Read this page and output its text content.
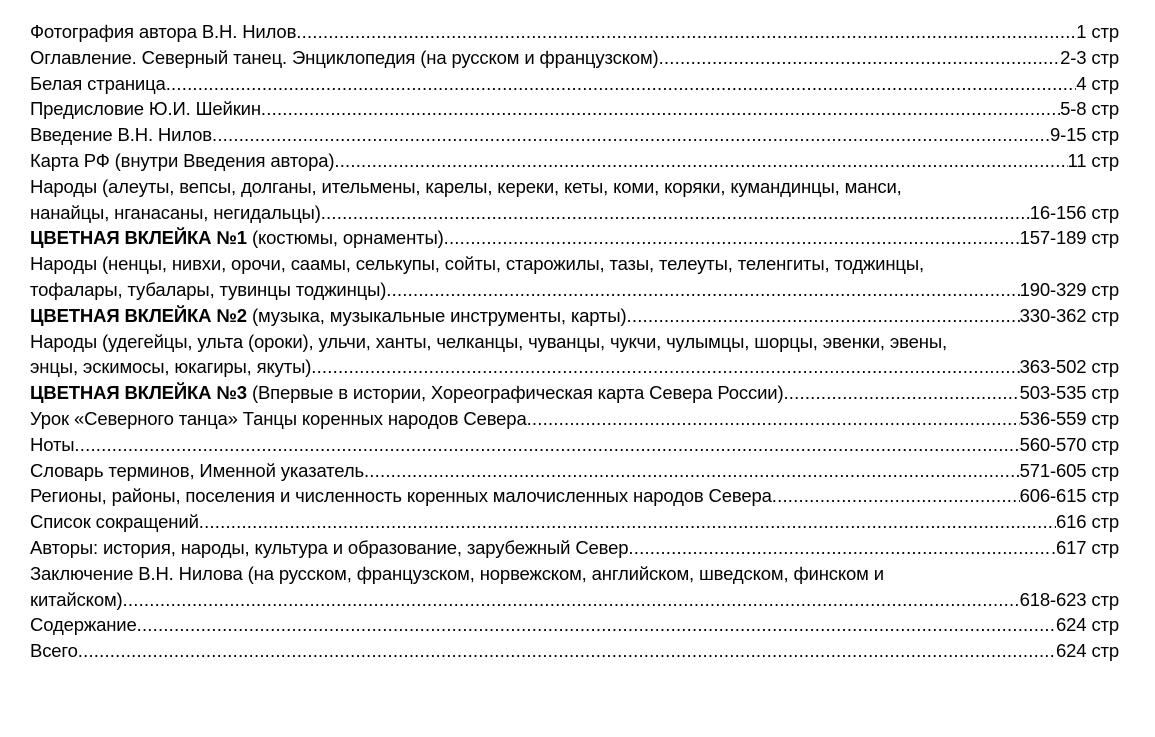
Фотография автора В.Н. Нилов .....	1 стр
Оглавление. Северный танец. Энциклопедия (на русском и французском) .....	2-3 стр
Белая страница .....	4 стр
Предисловие Ю.И. Шейкин .....	5-8 стр
Введение В.Н. Нилов .....	9-15 стр
Карта РФ (внутри Введения автора) .....	11 стр
Народы (алеуты, вепсы, долганы, ительмены, карелы, кереки, кеты, коми, коряки, кумандинцы, манси,
нанайцы, нганасаны, негидальцы) .....	16-156 стр
ЦВЕТНАЯ ВКЛЕЙКА №1 (костюмы, орнаменты) .....	157-189 стр
Народы (ненцы, нивхи, орочи, саамы, селькупы, сойты, старожилы, тазы, телеуты, теленгиты, тоджинцы,
тофалары, тубалары, тувинцы тоджинцы) .....	190-329 стр
ЦВЕТНАЯ ВКЛЕЙКА №2 (музыка, музыкальные инструменты, карты) .....	330-362 стр
Народы (удегейцы, ульта (ороки), ульчи, ханты, челканцы, чуванцы, чукчи, чулымцы, шорцы, эвенки, эвены,
энцы, эскимосы, юкагиры, якуты) .....	363-502 стр
ЦВЕТНАЯ ВКЛЕЙКА №3 (Впервые в истории, Хореографическая карта Севера России) .....	503-535 стр
Урок «Северного танца» Танцы коренных народов Севера .....	536-559 стр
Ноты .....	560-570 стр
Словарь терминов, Именной указатель .....	571-605 стр
Регионы, районы, поселения и численность коренных малочисленных народов Севера .....	606-615 стр
Список сокращений .....	616 стр
Авторы: история, народы, культура и образование, зарубежный Север .....	.617 стр
Заключение В.Н. Нилова (на русском, французском, норвежском, английском, шведском, финском и
китайском) .....	618-623 стр
Содержание .....	624 стр
Всего .....	624 стр
